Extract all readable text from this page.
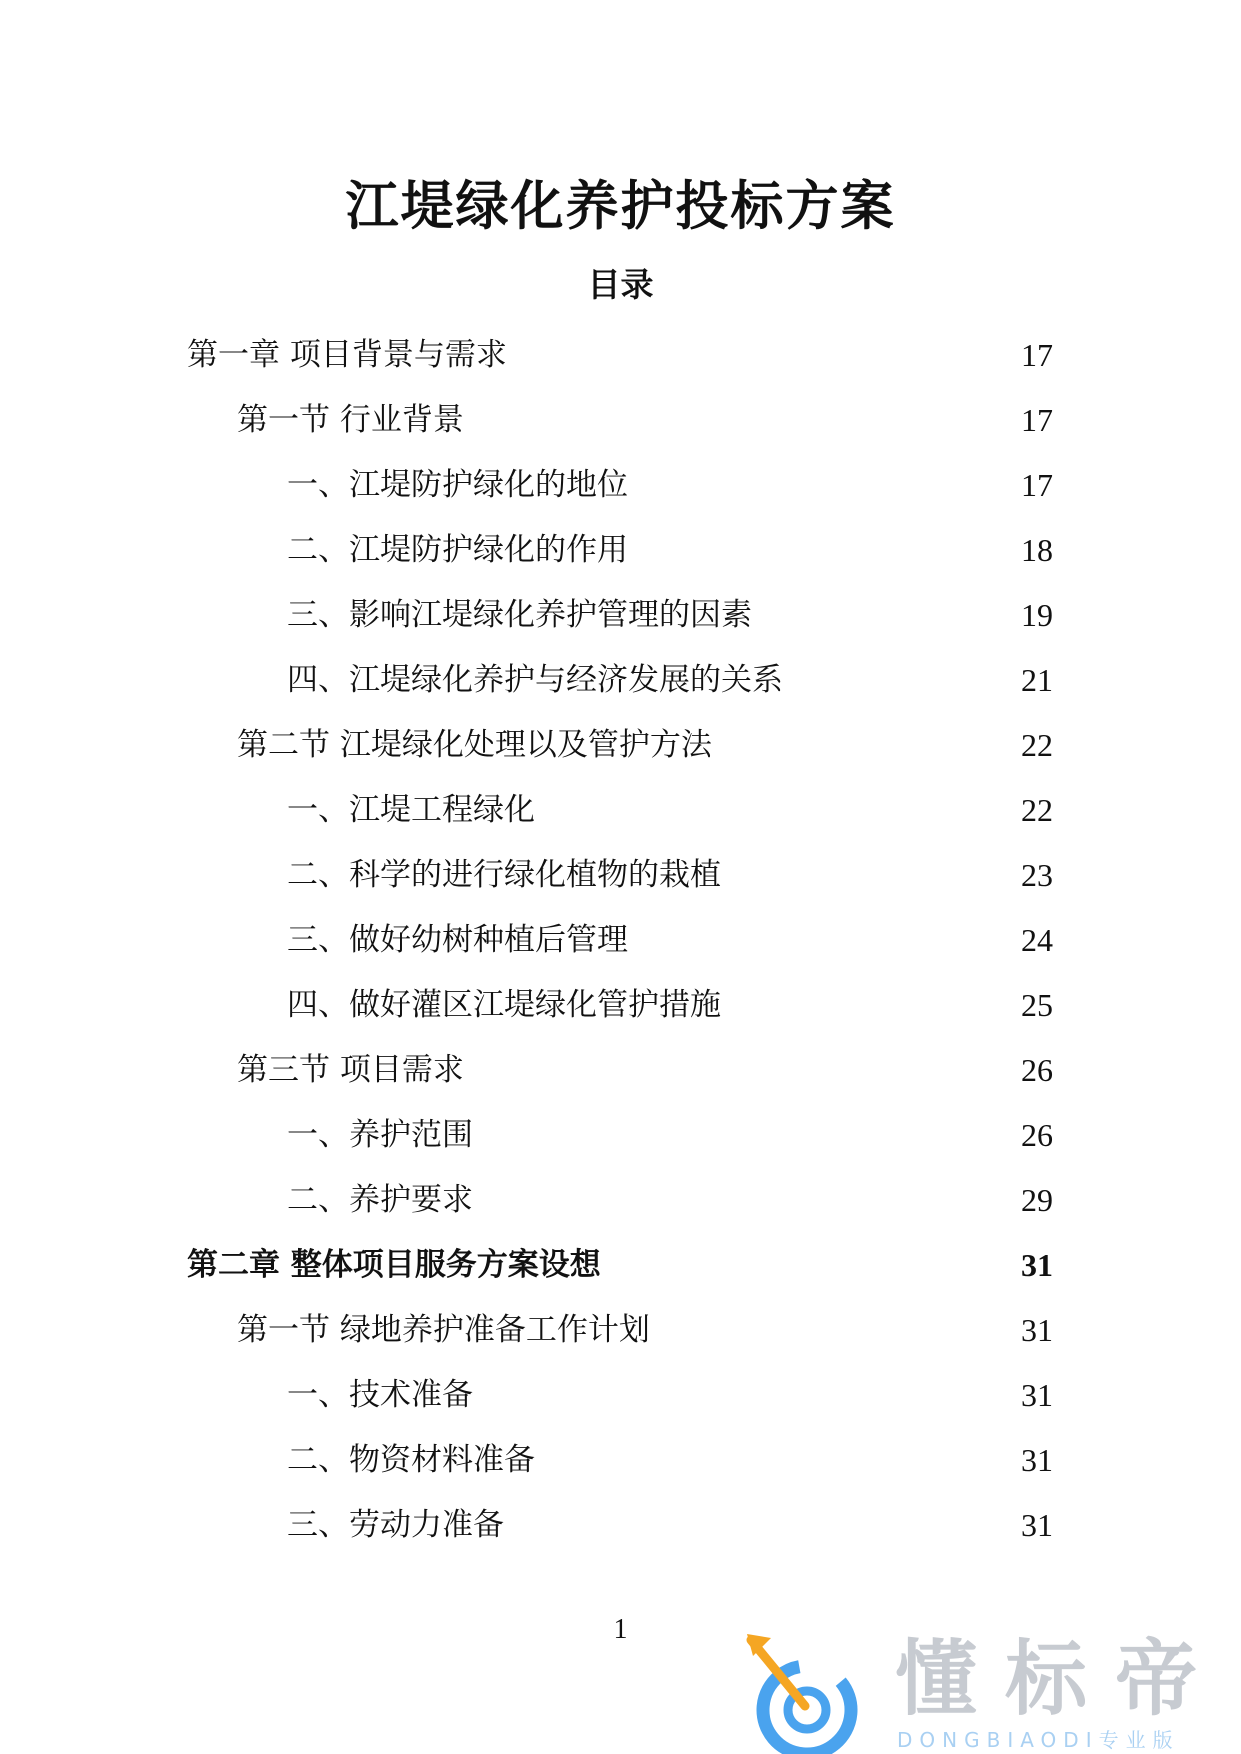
江堤绿化养护投标方案
目录
第一章 项目背景与需求	17
第一节 行业背景	17
一、江堤防护绿化的地位	17
二、江堤防护绿化的作用	18
三、影响江堤绿化养护管理的因素	19
四、江堤绿化养护与经济发展的关系	21
第二节 江堤绿化处理以及管护方法	22
一、江堤工程绿化	22
二、科学的进行绿化植物的栽植	23
三、做好幼树种植后管理	24
四、做好灌区江堤绿化管护措施	25
第三节 项目需求	26
一、养护范围	26
二、养护要求	29
第二章 整体项目服务方案设想	31
第一节 绿地养护准备工作计划	31
一、技术准备	31
二、物资材料准备	31
三、劳动力准备	31
1
懂标帝
DONGBIAODI专业版
